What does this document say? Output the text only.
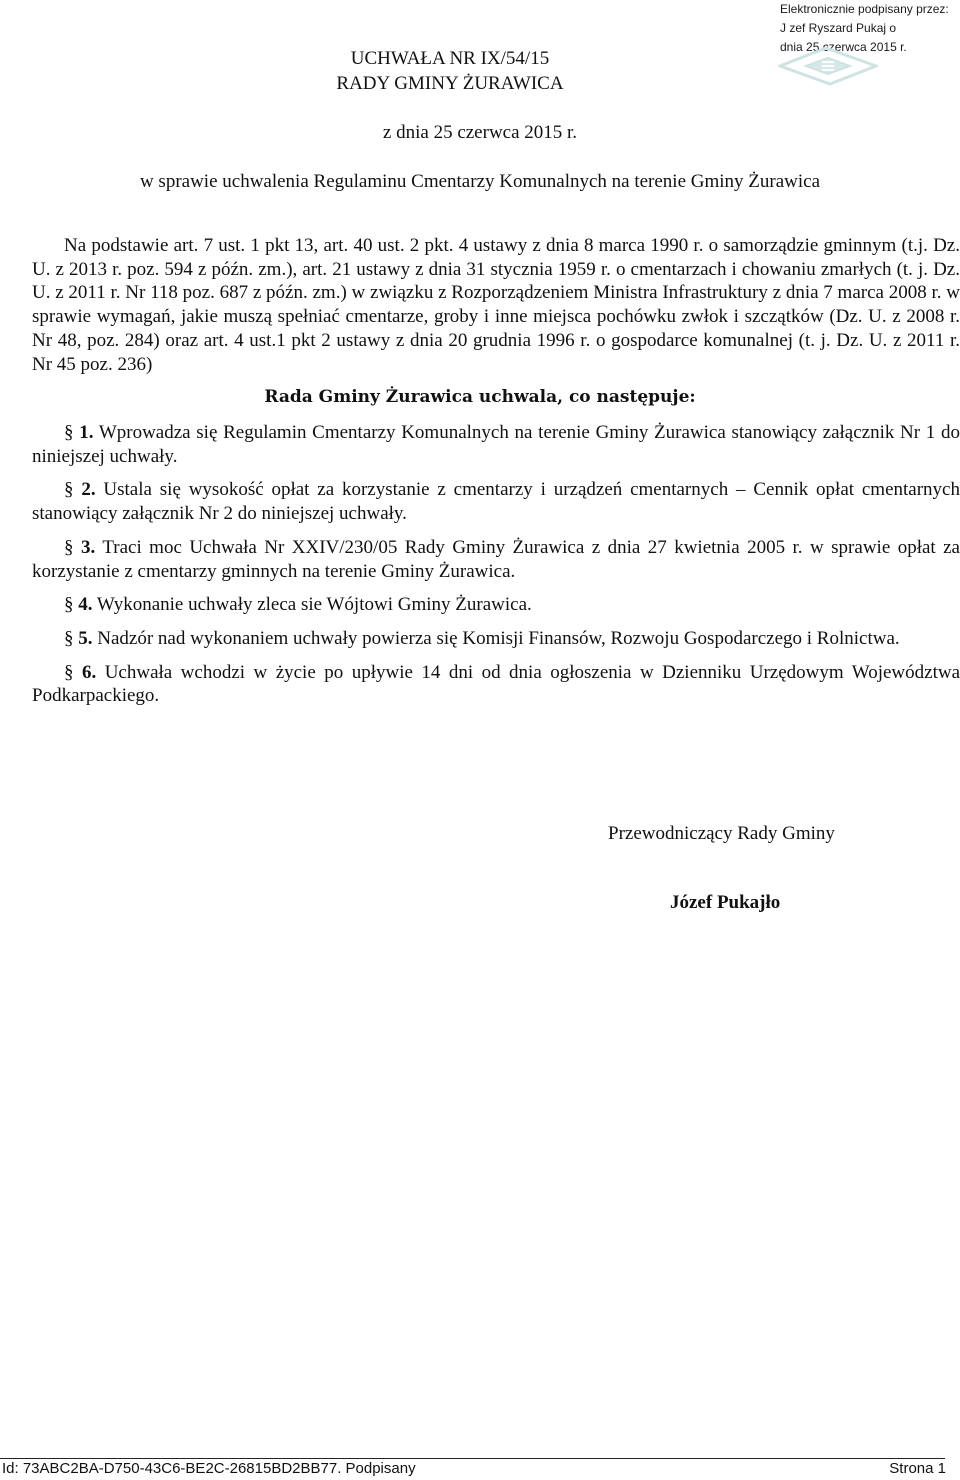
Elektronicznie podpisany przez:
J zef Ryszard Pukaj o
dnia 25 czerwca 2015 r.
UCHWAŁA NR IX/54/15
RADY GMINY ŻURAWICA
z dnia 25 czerwca 2015 r.
w sprawie uchwalenia Regulaminu Cmentarzy Komunalnych na terenie Gminy Żurawica

Na podstawie art. 7 ust. 1 pkt 13, art. 40 ust. 2 pkt. 4 ustawy z dnia 8 marca 1990 r. o samorządzie gminnym (t.j. Dz. U. z 2013 r. poz. 594 z późn. zm.), art. 21 ustawy z dnia 31 stycznia 1959 r. o cmentarzach i chowaniu zmarłych (t. j. Dz. U. z 2011 r. Nr 118 poz. 687 z późn. zm.) w związku z Rozporządzeniem Ministra Infrastruktury z dnia 7 marca 2008 r. w sprawie wymagań, jakie muszą spełniać cmentarze, groby i inne miejsca pochówku zwłok i szczątków (Dz. U. z 2008 r. Nr 48, poz. 284) oraz art. 4 ust.1 pkt 2 ustawy z dnia 20 grudnia 1996 r. o gospodarce komunalnej (t. j. Dz. U. z 2011 r. Nr 45 poz. 236)

Rada Gminy Żurawica uchwala, co następuje:

§ 1. Wprowadza się Regulamin Cmentarzy Komunalnych na terenie Gminy Żurawica stanowiący załącznik Nr 1 do niniejszej uchwały.

§ 2. Ustala się wysokość opłat za korzystanie z cmentarzy i urządzeń cmentarnych – Cennik opłat cmentarnych stanowiący załącznik Nr 2 do niniejszej uchwały.

§ 3. Traci moc Uchwała Nr XXIV/230/05 Rady Gminy Żurawica z dnia 27 kwietnia 2005 r. w sprawie opłat za korzystanie z cmentarzy gminnych na terenie Gminy Żurawica.

§ 4. Wykonanie uchwały zleca sie Wójtowi Gminy Żurawica.

§ 5. Nadzór nad wykonaniem uchwały powierza się Komisji Finansów, Rozwoju Gospodarczego i Rolnictwa.

§ 6. Uchwała wchodzi w życie po upływie 14 dni od dnia ogłoszenia w Dzienniku Urzędowym Województwa Podkarpackiego.

Przewodniczący Rady Gminy
Józef Pukajło
Id: 73ABC2BA-D750-43C6-BE2C-26815BD2BB77. Podpisany	Strona 1
